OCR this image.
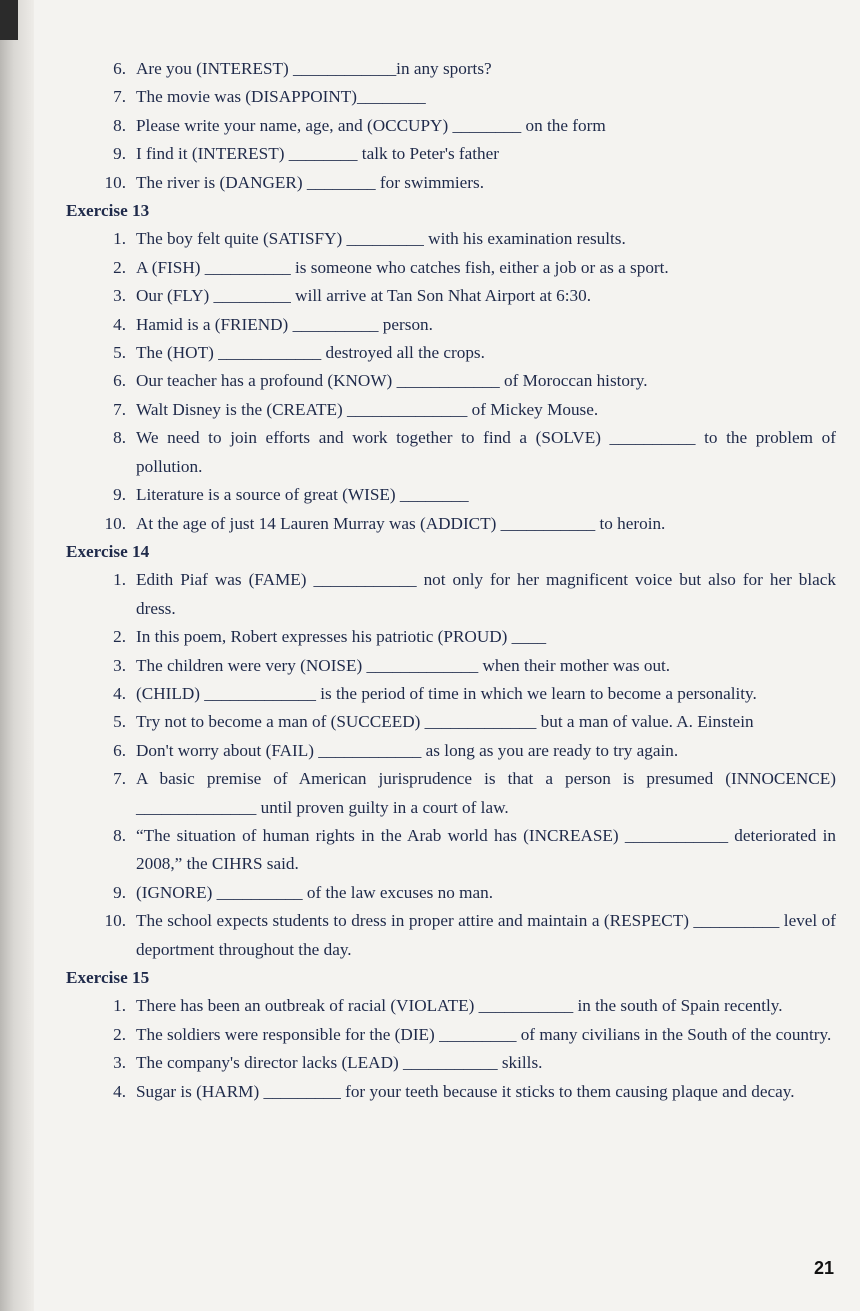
6 . Are you (INTEREST) ____________in any sports?
7 . The movie was (DISAPPOINT)________
8 . Please write your name, age, and (OCCUPY) ________ on the form
9 . I find it (INTEREST) ________ talk to Peter's father
10 . The river is (DANGER) ________ for swimmiers.
Exercise 13
1 . The boy felt quite (SATISFY) _________ with his examination results.
2 . A (FISH) __________ is someone who catches fish, either a job or as a sport.
3 . Our (FLY) _________ will arrive at Tan Son Nhat Airport at 6:30.
4 . Hamid is a (FRIEND) __________ person.
5 . The (HOT) ____________ destroyed all the crops.
6 . Our teacher has a profound (KNOW) ____________ of Moroccan history.
7 . Walt Disney is the (CREATE) ______________ of Mickey Mouse.
8 . We need to join efforts and work together to find a (SOLVE) __________ to the problem of pollution.
9 . Literature is a source of great (WISE) ________
10 . At the age of just 14 Lauren Murray was (ADDICT) ___________ to heroin.
Exercise 14
1 . Edith Piaf was (FAME) ____________ not only for her magnificent voice but also for her black dress.
2 . In this poem, Robert expresses his patriotic (PROUD) ____
3 . The children were very (NOISE) _____________ when their mother was out.
4 . (CHILD) _____________ is the period of time in which we learn to become a personality.
5 . Try not to become a man of (SUCCEED) _____________ but a man of value. A. Einstein
6 . Don't worry about (FAIL) ____________ as long as you are ready to try again.
7 . A basic premise of American jurisprudence is that a person is presumed (INNOCENCE) ______________ until proven guilty in a court of law.
8 . “The situation of human rights in the Arab world has (INCREASE) ____________ deteriorated in 2008,” the CIHRS said.
9 . (IGNORE) __________ of the law excuses no man.
10 . The school expects students to dress in proper attire and maintain a (RESPECT) __________ level of deportment throughout the day.
Exercise 15
1 . There has been an outbreak of racial (VIOLATE) ___________ in the south of Spain recently.
2 . The soldiers were responsible for the (DIE) _________ of many civilians in the South of the country.
3 . The company's director lacks (LEAD) ___________ skills.
4 . Sugar is (HARM) _________ for your teeth because it sticks to them causing plaque and decay.
21
